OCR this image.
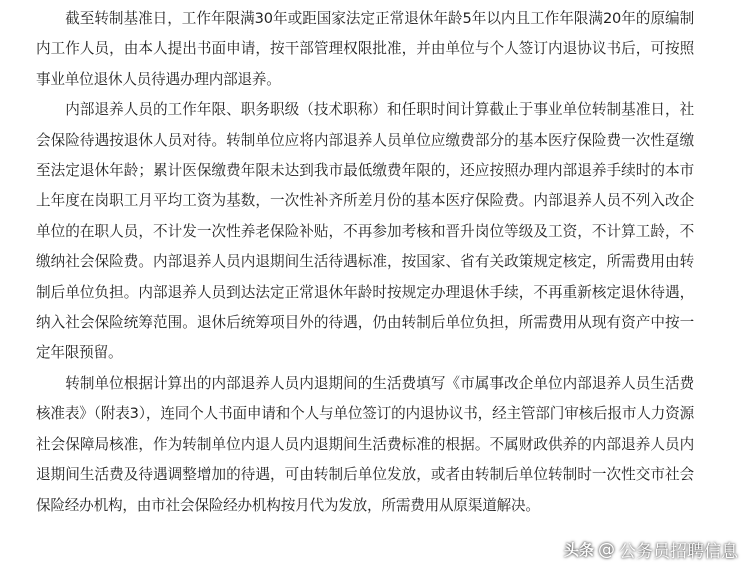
截至转制基准日，工作年限满30年或距国家法定正常退休年龄5年以内且工作年限满20年的原编制内工作人员，由本人提出书面申请，按干部管理权限批准，并由单位与个人签订内退协议书后，可按照事业单位退休人员待遇办理内部退养。

内部退养人员的工作年限、职务职级（技术职称）和任职时间计算截止于事业单位转制基准日，社会保险待遇按退休人员对待。转制单位应将内部退养人员单位应缴费部分的基本医疗保险费一次性趸缴至法定退休年龄；累计医保缴费年限未达到我市最低缴费年限的，还应按照办理内部退养手续时的本市上年度在岗职工月平均工资为基数，一次性补齐所差月份的基本医疗保险费。内部退养人员不列入改企单位的在职人员，不计发一次性养老保险补贴，不再参加考核和晋升岗位等级及工资，不计算工龄，不缴纳社会保险费。内部退养人员内退期间生活待遇标准，按国家、省有关政策规定核定，所需费用由转制后单位负担。内部退养人员到达法定正常退休年龄时按规定办理退休手续，不再重新核定退休待遇，纳入社会保险统筹范围。退休后统筹项目外的待遇，仍由转制后单位负担，所需费用从现有资产中按一定年限预留。

转制单位根据计算出的内部退养人员内退期间的生活费填写《市属事改企单位内部退养人员生活费核准表》（附表3），连同个人书面申请和个人与单位签订的内退协议书，经主管部门审核后报市人力资源社会保障局核准，作为转制单位内退人员内退期间生活费标准的根据。不属财政供养的内部退养人员内退期间生活费及待遇调整增加的待遇，可由转制后单位发放，或者由转制后单位转制时一次性交市社会保险经办机构，由市社会保险经办机构按月代为发放，所需费用从原渠道解决。

头条 @ 公务员招聘信息
